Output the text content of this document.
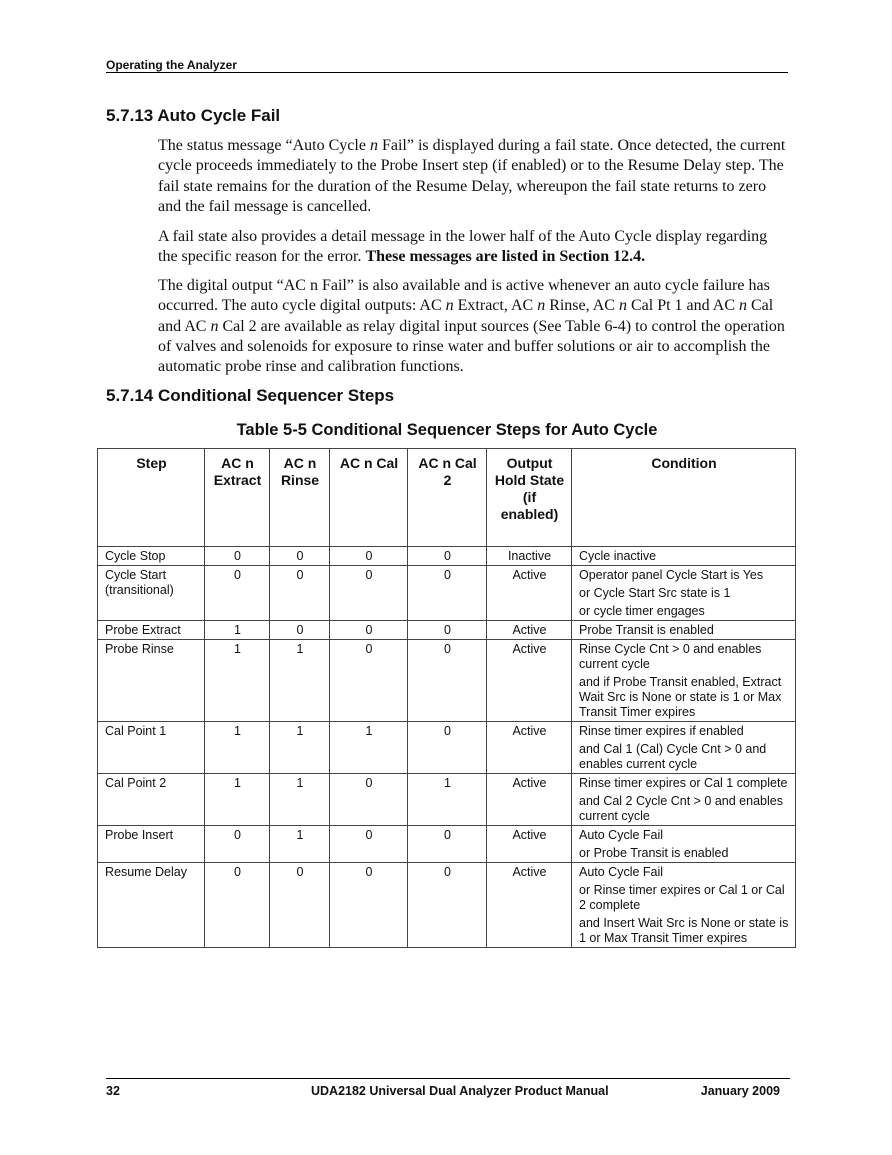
Operating the Analyzer
5.7.13 Auto Cycle Fail
The status message “Auto Cycle n Fail” is displayed during a fail state. Once detected, the current cycle proceeds immediately to the Probe Insert step (if enabled) or to the Resume Delay step. The fail state remains for the duration of the Resume Delay, whereupon the fail state returns to zero and the fail message is cancelled.
A fail state also provides a detail message in the lower half of the Auto Cycle display regarding the specific reason for the error. These messages are listed in Section 12.4.
The digital output “AC n Fail” is also available and is active whenever an auto cycle failure has occurred. The auto cycle digital outputs: AC n Extract, AC n Rinse, AC n Cal Pt 1 and AC n Cal and AC n Cal 2 are available as relay digital input sources (See Table 6-4) to control the operation of valves and solenoids for exposure to rinse water and buffer solutions or air to accomplish the automatic probe rinse and calibration functions.
5.7.14 Conditional Sequencer Steps
Table 5-5 Conditional Sequencer Steps for Auto Cycle
Step	AC n Extract	AC n Rinse	AC n Cal	AC n Cal 2	Output Hold State (if enabled)	Condition
Cycle Stop	0	0	0	0	Inactive	Cycle inactive

Cycle Start (transitional)	0	0	0	0	Active	Operator panel Cycle Start is Yes
or Cycle Start Src state is 1
or cycle timer engages

Probe Extract	1	0	0	0	Active	Probe Transit is enabled

Probe Rinse	1	1	0	0	Active	Rinse Cycle Cnt > 0 and enables current cycle
and if Probe Transit enabled, Extract Wait Src is None or state is 1 or Max Transit Timer expires

Cal Point 1	1	1	1	0	Active	Rinse timer expires if enabled
and Cal 1 (Cal) Cycle Cnt > 0 and enables current cycle

Cal Point 2	1	1	0	1	Active	Rinse timer expires or Cal 1 complete
and Cal 2 Cycle Cnt > 0 and enables current cycle

Probe Insert	0	1	0	0	Active	Auto Cycle Fail
or Probe Transit is enabled

Resume Delay	0	0	0	0	Active	Auto Cycle Fail
or Rinse timer expires or Cal 1 or Cal 2 complete
and Insert Wait Src is None or state is 1 or Max Transit Timer expires
32	UDA2182 Universal Dual Analyzer Product Manual	January 2009
